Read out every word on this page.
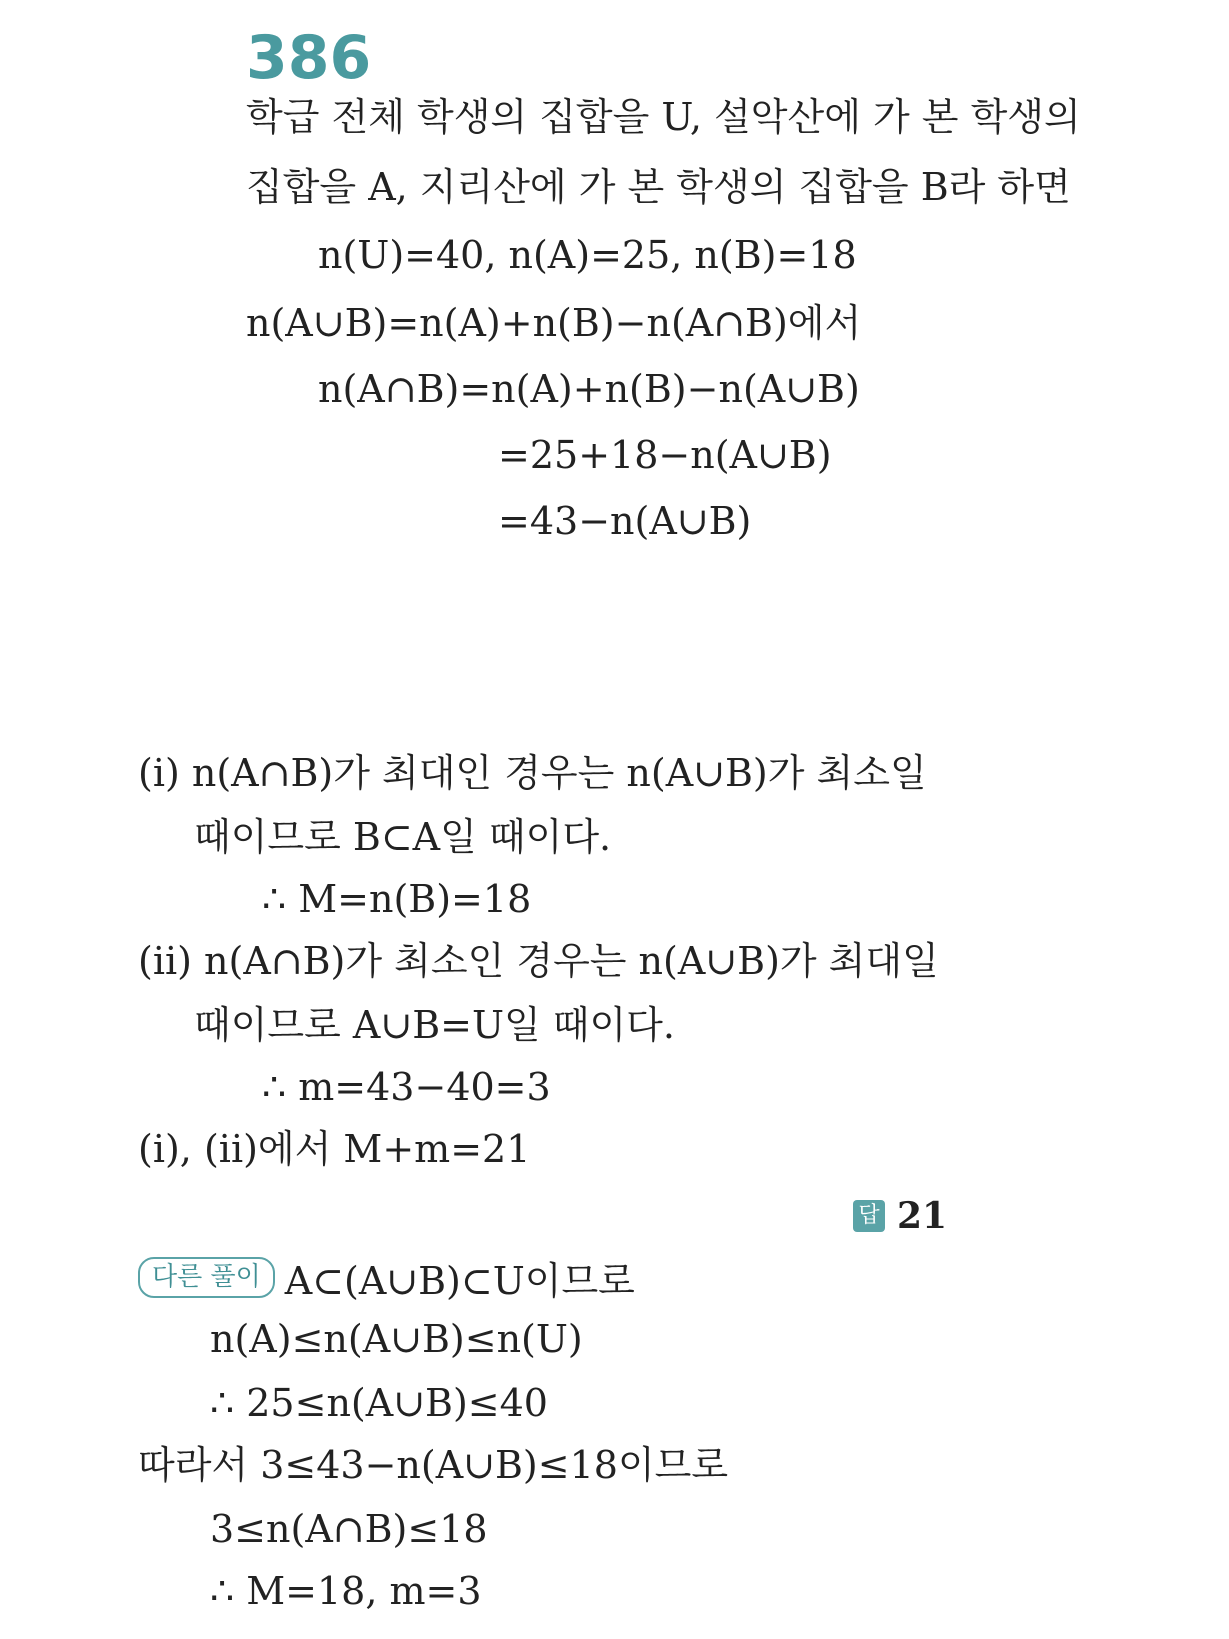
386
학급 전체 학생의 집합을 U, 설악산에 가 본 학생의
집합을 A, 지리산에 가 본 학생의 집합을 B라 하면
n(U)=40, n(A)=25, n(B)=18
n(A∪B)=n(A)+n(B)−n(A∩B)에서
n(A∩B)=n(A)+n(B)−n(A∪B)
=25+18−n(A∪B)
=43−n(A∪B)
(i) n(A∩B)가 최대인 경우는 n(A∪B)가 최소일
때이므로 B⊂A일 때이다.
∴ M=n(B)=18
(ii) n(A∩B)가 최소인 경우는 n(A∪B)가 최대일
때이므로 A∪B=U일 때이다.
∴ m=43−40=3
(i), (ii)에서 M+m=21
답 21
다른 풀이 A⊂(A∪B)⊂U이므로
n(A)≤n(A∪B)≤n(U)
∴ 25≤n(A∪B)≤40
따라서 3≤43−n(A∪B)≤18이므로
3≤n(A∩B)≤18
∴ M=18, m=3
